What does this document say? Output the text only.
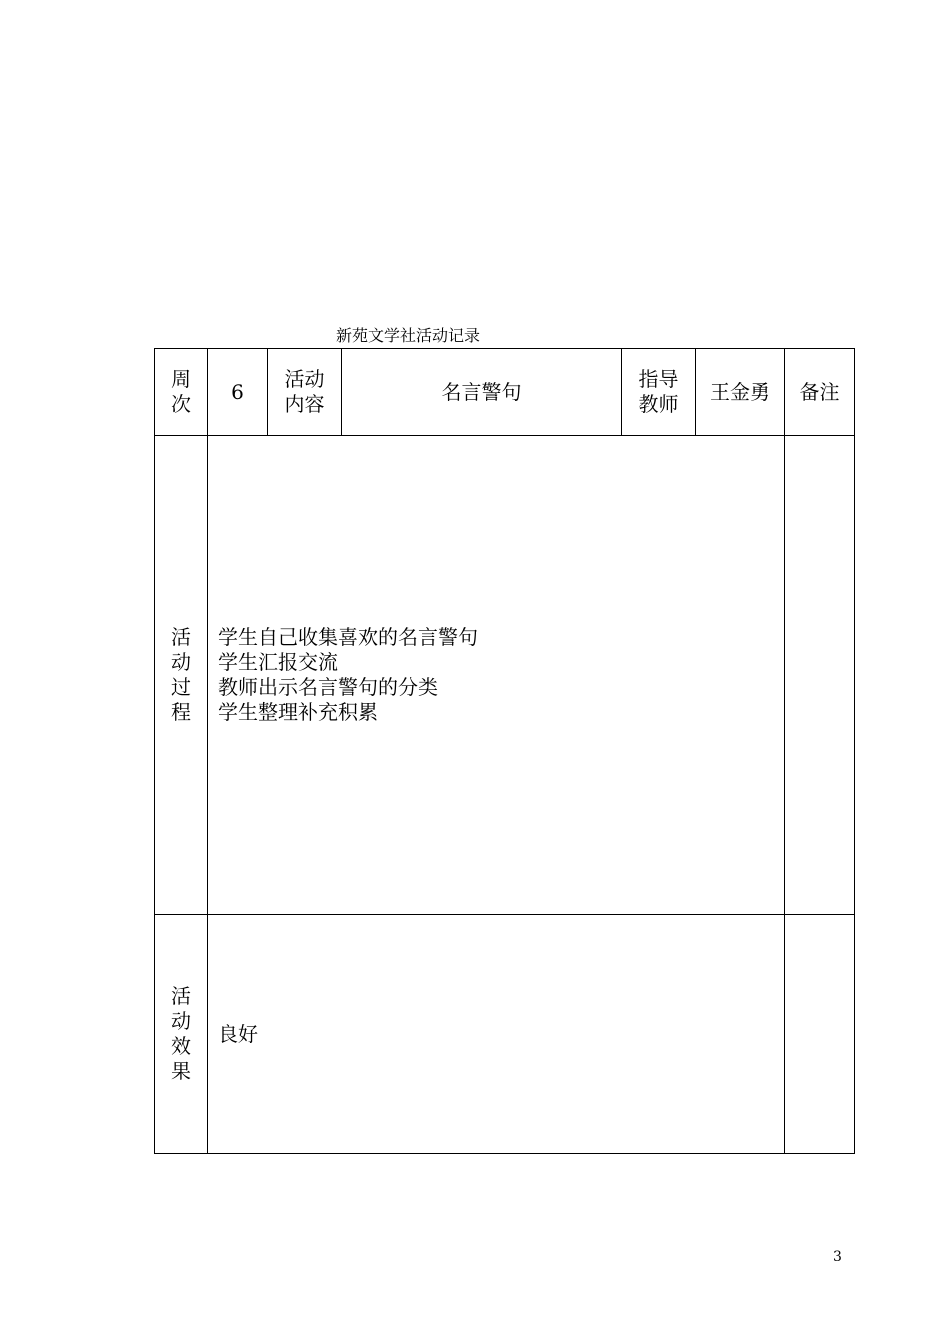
新苑文学社活动记录
周次	6	活动内容	名言警句	指导教师	王金勇	备注
活动过程	学生自己收集喜欢的名言警句
学生汇报交流
教师出示名言警句的分类
学生整理补充积累					

活动效果	良好					
3
